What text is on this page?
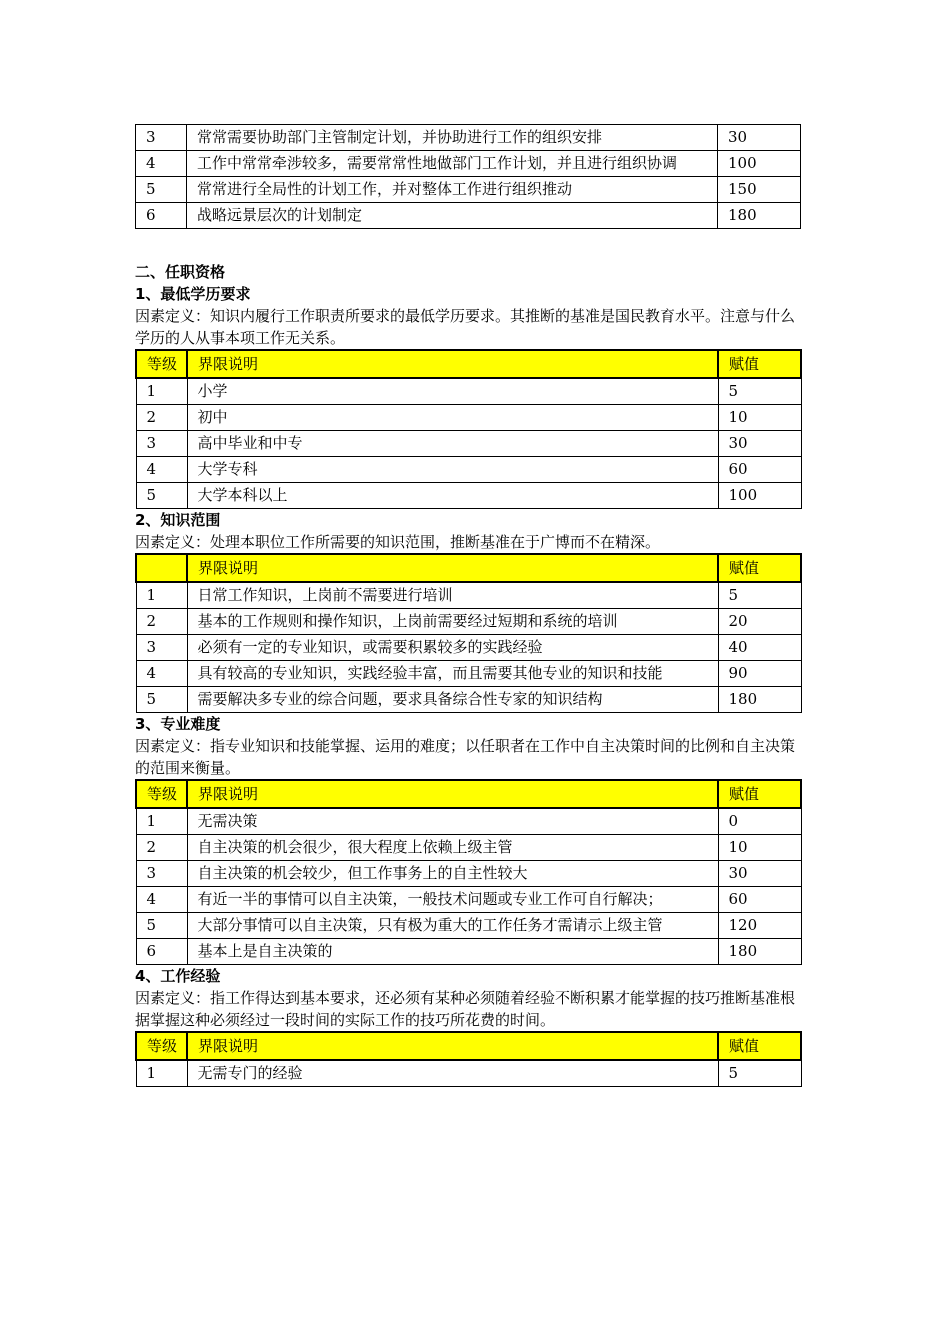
3	常常需要协助部门主管制定计划，并协助进行工作的组织安排	30
4	工作中常常牵涉较多，需要常常性地做部门工作计划，并且进行组织协调	100
5	常常进行全局性的计划工作，并对整体工作进行组织推动	150
6	战略远景层次的计划制定	180

二、任职资格

1、最低学历要求

因素定义：知识内履行工作职责所要求的最低学历要求。其推断的基准是国民教育水平。注意与什么学历的人从事本项工作无关系。

等级	界限说明	赋值
1	小学	5
2	初中	10
3	高中毕业和中专	30
4	大学专科	60
5	大学本科以上	100

2、知识范围

因素定义：处理本职位工作所需要的知识范围，推断基准在于广博而不在精深。

	界限说明	赋值
1	日常工作知识，上岗前不需要进行培训	5
2	基本的工作规则和操作知识，上岗前需要经过短期和系统的培训	20
3	必须有一定的专业知识，或需要积累较多的实践经验	40
4	具有较高的专业知识，实践经验丰富，而且需要其他专业的知识和技能	90
5	需要解决多专业的综合问题，要求具备综合性专家的知识结构	180

3、专业难度

因素定义：指专业知识和技能掌握、运用的难度；以任职者在工作中自主决策时间的比例和自主决策的范围来衡量。

等级	界限说明	赋值
1	无需决策	0
2	自主决策的机会很少，很大程度上依赖上级主管	10
3	自主决策的机会较少，但工作事务上的自主性较大	30
4	有近一半的事情可以自主决策，一般技术问题或专业工作可自行解决；	60
5	大部分事情可以自主决策，只有极为重大的工作任务才需请示上级主管	120
6	基本上是自主决策的	180

4、工作经验

因素定义：指工作得达到基本要求，还必须有某种必须随着经验不断积累才能掌握的技巧推断基准根据掌握这种必须经过一段时间的实际工作的技巧所花费的时间。

等级	界限说明	赋值
1	无需专门的经验	5
